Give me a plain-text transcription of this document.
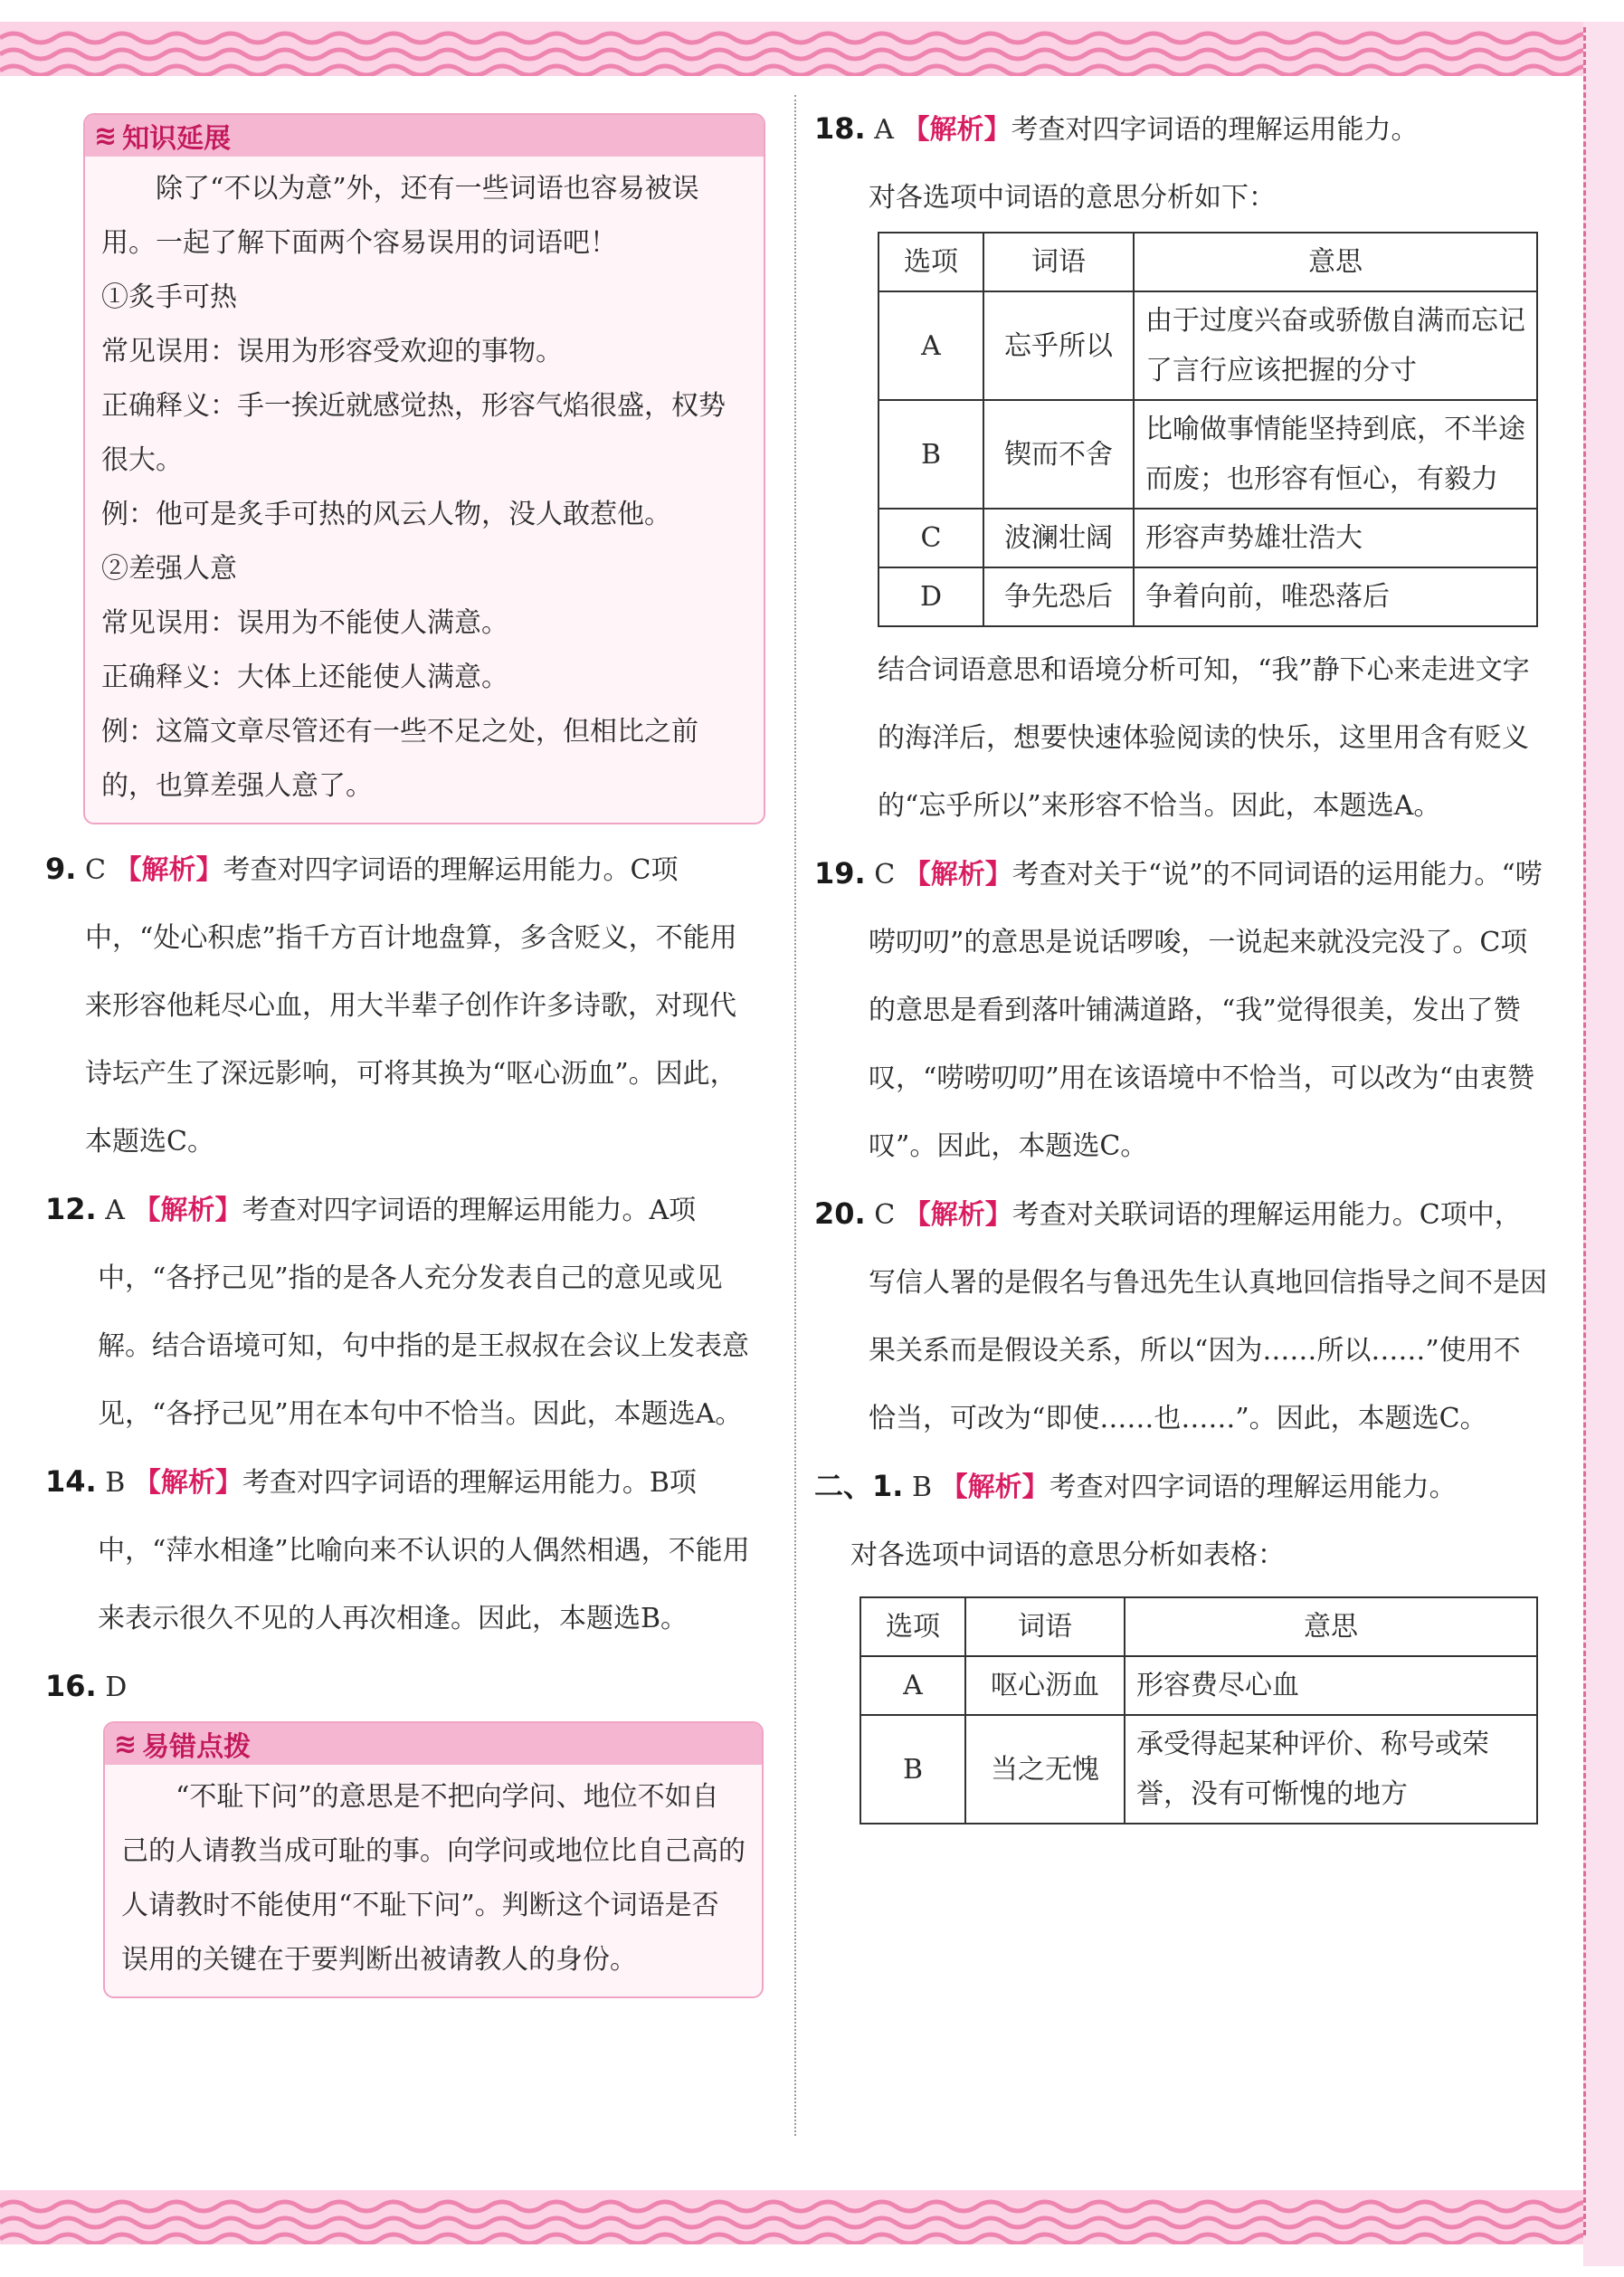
≋ 知识延展

除了“不以为意”外，还有一些词语也容易被误用。一起了解下面两个容易误用的词语吧！

①炙手可热

常见误用：误用为形容受欢迎的事物。

正确释义：手一挨近就感觉热，形容气焰很盛，权势很大。

例：他可是炙手可热的风云人物，没人敢惹他。

②差强人意

常见误用：误用为不能使人满意。

正确释义：大体上还能使人满意。

例：这篇文章尽管还有一些不足之处，但相比之前的，也算差强人意了。

9. C 【解析】考查对四字词语的理解运用能力。C项中，“处心积虑”指千方百计地盘算，多含贬义，不能用来形容他耗尽心血，用大半辈子创作许多诗歌，对现代诗坛产生了深远影响，可将其换为“呕心沥血”。因此，本题选C。

12. A 【解析】考查对四字词语的理解运用能力。A项中，“各抒己见”指的是各人充分发表自己的意见或见解。结合语境可知，句中指的是王叔叔在会议上发表意见，“各抒己见”用在本句中不恰当。因此，本题选A。

14. B 【解析】考查对四字词语的理解运用能力。B项中，“萍水相逢”比喻向来不认识的人偶然相遇，不能用来表示很久不见的人再次相逢。因此，本题选B。

16. D

≋ 易错点拨

“不耻下问”的意思是不把向学问、地位不如自己的人请教当成可耻的事。向学问或地位比自己高的人请教时不能使用“不耻下问”。判断这个词语是否误用的关键在于要判断出被请教人的身份。

18. A 【解析】考查对四字词语的理解运用能力。

对各选项中词语的意思分析如下：

选项	词语	意思
A	忘乎所以	由于过度兴奋或骄傲自满而忘记了言行应该把握的分寸
B	锲而不舍	比喻做事情能坚持到底，不半途而废；也形容有恒心，有毅力
C	波澜壮阔	形容声势雄壮浩大
D	争先恐后	争着向前，唯恐落后

结合词语意思和语境分析可知，“我”静下心来走进文字的海洋后，想要快速体验阅读的快乐，这里用含有贬义的“忘乎所以”来形容不恰当。因此，本题选A。

19. C 【解析】考查对关于“说”的不同词语的运用能力。“唠唠叨叨”的意思是说话啰唆，一说起来就没完没了。C项的意思是看到落叶铺满道路，“我”觉得很美，发出了赞叹，“唠唠叨叨”用在该语境中不恰当，可以改为“由衷赞叹”。因此，本题选C。

20. C 【解析】考查对关联词语的理解运用能力。C项中，写信人署的是假名与鲁迅先生认真地回信指导之间不是因果关系而是假设关系，所以“因为……所以……”使用不恰当，可改为“即使……也……”。因此，本题选C。

二、1. B 【解析】考查对四字词语的理解运用能力。

对各选项中词语的意思分析如表格：

选项	词语	意思
A	呕心沥血	形容费尽心血
B	当之无愧	承受得起某种评价、称号或荣誉，没有可惭愧的地方
